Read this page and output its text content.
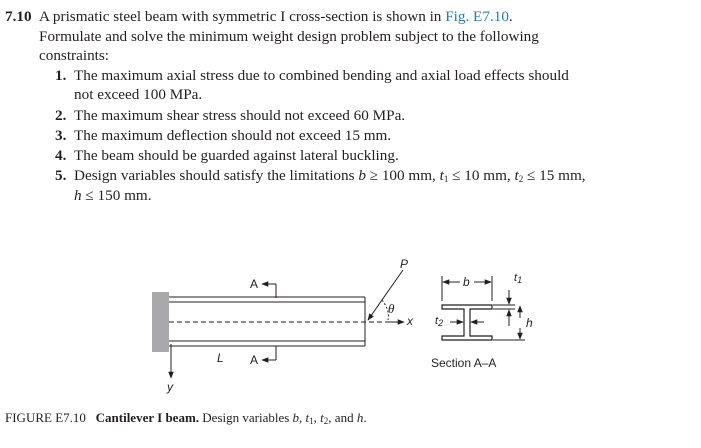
7.10 A prismatic steel beam with symmetric I cross-section is shown in Fig. E7.10.
Formulate and solve the minimum weight design problem subject to the following
constraints:
1. The maximum axial stress due to combined bending and axial load effects should
not exceed 100 MPa.
2. The maximum shear stress should not exceed 60 MPa.
3. The maximum deflection should not exceed 15 mm.
4. The beam should be guarded against lateral buckling.
5. Design variables should satisfy the limitations b ≥ 100 mm, $t_1 \le 10$ mm, $t_2 \le 15$ mm,
h ≤ 150 mm.
P
A
A
θ
x
y
L
b	$t_1$
$t_2$	h
Section A–A
FIGURE E7.10 Cantilever I beam. Design variables b, $t_1$, $t_2$, and h.
